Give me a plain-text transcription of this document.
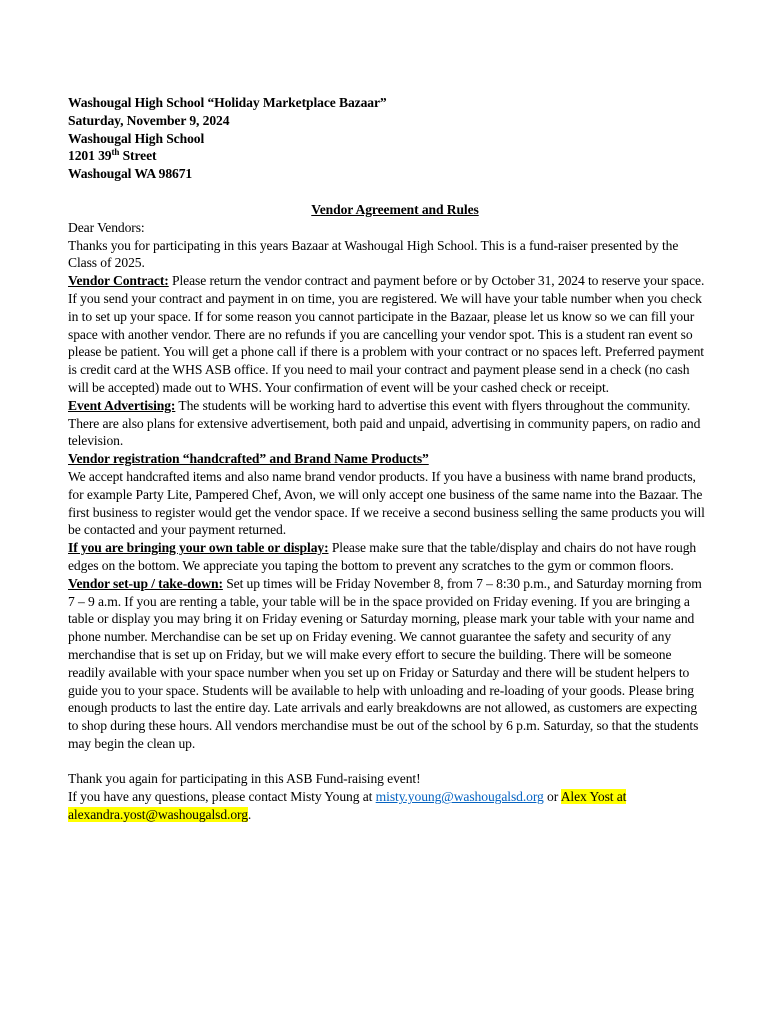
Washougal High School “Holiday Marketplace Bazaar”
Saturday, November 9, 2024
Washougal High School
1201 39th Street
Washougal WA 98671
Vendor Agreement and Rules

Dear Vendors:

Thanks you for participating in this years Bazaar at Washougal High School. This is a fund-raiser presented by the Class of 2025.

Vendor Contract: Please return the vendor contract and payment before or by October 31, 2024 to reserve your space. If you send your contract and payment in on time, you are registered. We will have your table number when you check in to set up your space. If for some reason you cannot participate in the Bazaar, please let us know so we can fill your space with another vendor. There are no refunds if you are cancelling your vendor spot. This is a student ran event so please be patient. You will get a phone call if there is a problem with your contract or no spaces left. Preferred payment is credit card at the WHS ASB office. If you need to mail your contract and payment please send in a check (no cash will be accepted) made out to WHS. Your confirmation of event will be your cashed check or receipt.

Event Advertising: The students will be working hard to advertise this event with flyers throughout the community. There are also plans for extensive advertisement, both paid and unpaid, advertising in community papers, on radio and television.

Vendor registration “handcrafted” and Brand Name Products”

We accept handcrafted items and also name brand vendor products. If you have a business with name brand products, for example Party Lite, Pampered Chef, Avon, we will only accept one business of the same name into the Bazaar. The first business to register would get the vendor space. If we receive a second business selling the same products you will be contacted and your payment returned.

If you are bringing your own table or display: Please make sure that the table/display and chairs do not have rough edges on the bottom. We appreciate you taping the bottom to prevent any scratches to the gym or common floors.

Vendor set-up / take-down: Set up times will be Friday November 8, from 7 – 8:30 p.m., and Saturday morning from 7 – 9 a.m. If you are renting a table, your table will be in the space provided on Friday evening. If you are bringing a table or display you may bring it on Friday evening or Saturday morning, please mark your table with your name and phone number. Merchandise can be set up on Friday evening. We cannot guarantee the safety and security of any merchandise that is set up on Friday, but we will make every effort to secure the building. There will be someone readily available with your space number when you set up on Friday or Saturday and there will be student helpers to guide you to your space. Students will be available to help with unloading and re-loading of your goods. Please bring enough products to last the entire day. Late arrivals and early breakdowns are not allowed, as customers are expecting to shop during these hours. All vendors merchandise must be out of the school by 6 p.m. Saturday, so that the students may begin the clean up.

Thank you again for participating in this ASB Fund-raising event!

If you have any questions, please contact Misty Young at misty.young@washougalsd.org or Alex Yost at alexandra.yost@washougalsd.org.
